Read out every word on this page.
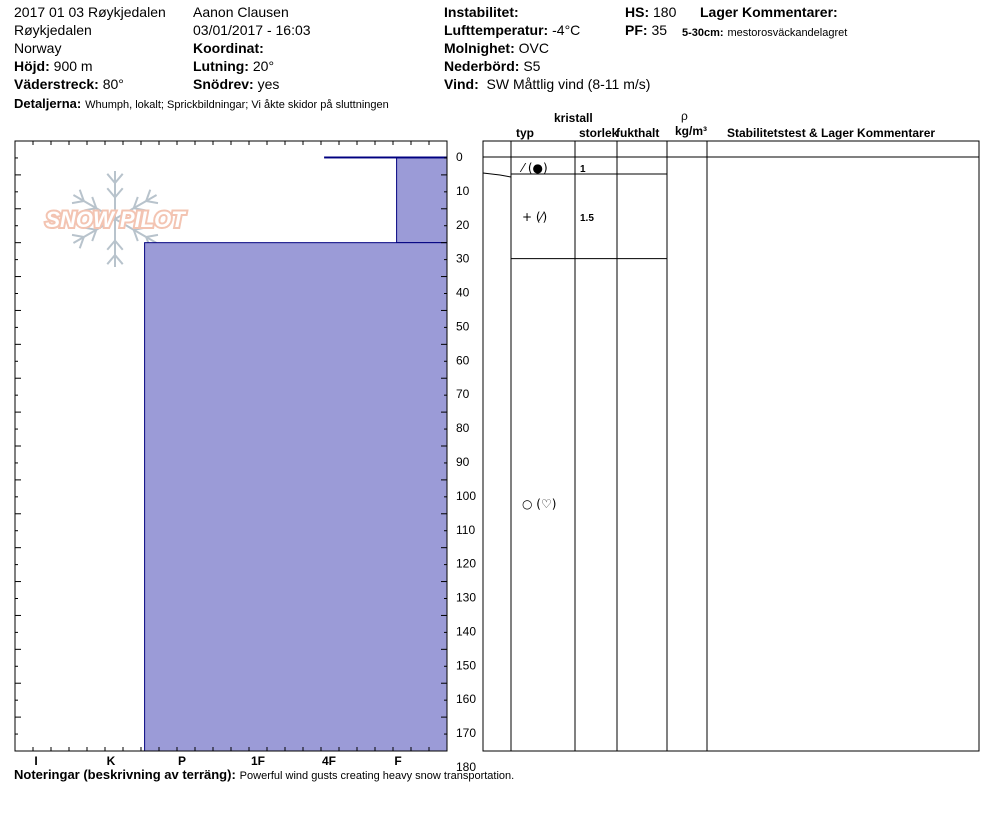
2017 01 03 Røykjedalen
Røykjedalen
Norway
Höjd: 900 m
Väderstreck: 80°
Detaljerna: Whumph, lokalt; Sprickbildningar; Vi åkte skidor på sluttningen
Aanon Clausen
03/01/2017 - 16:03
Koordinat:
Lutning: 20°
Snödrev: yes
Instabilitet:
Lufttemperatur: -4°C
Molnighet: OVC
Nederbörd: S5
Vind: SW Måttlig vind (8-11 m/s)
HS: 180
PF: 35
Lager Kommentarer:
5-30cm: mestorosväckandelagret
kristall
typ	storlek
fukthalt
ρ
kg/m³ Stabilitetstest & Lager Kommentarer
SNOW PILOT
0
10
20
30
40
50
60
70
80
90
100
110
120
130
140
150
160
170
180
I	K	P	1F	4F	F
⁄ (●)	1
+ (⁄)	1.5
○ (♡)
Noteringar (beskrivning av terräng): Powerful wind gusts creating heavy snow transportation.
